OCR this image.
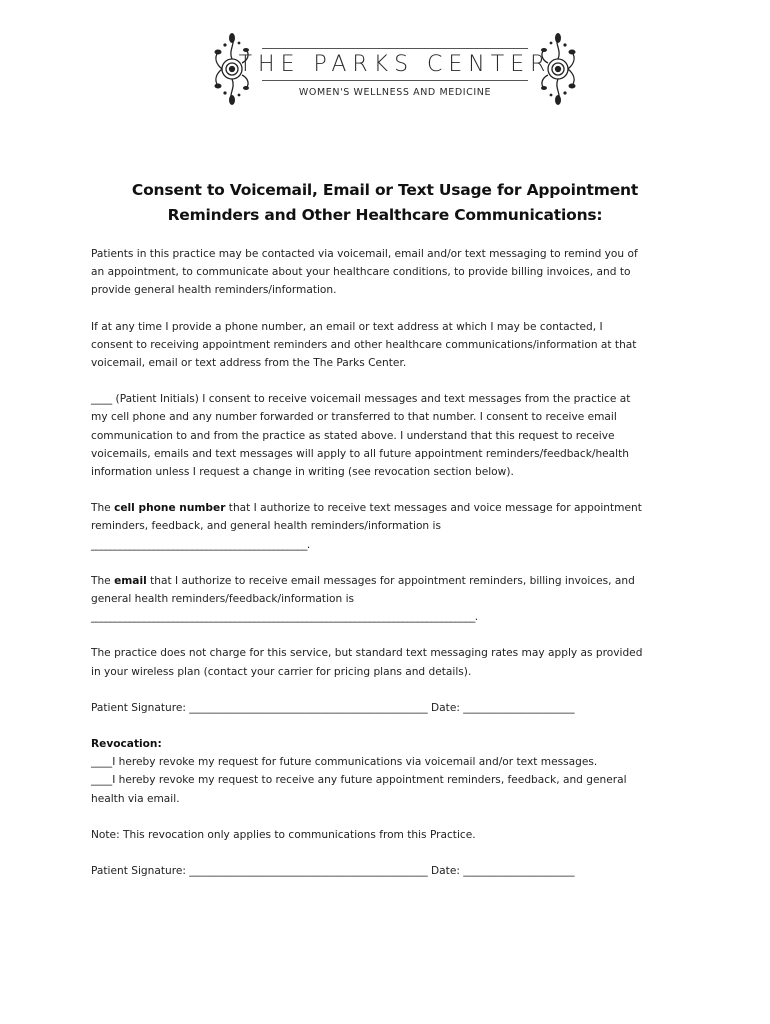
THE PARKS CENTER
WOMEN'S WELLNESS AND MEDICINE
Consent to Voicemail, Email or Text Usage for Appointment
Reminders and Other Healthcare Communications:
Patients in this practice may be contacted via voicemail, email and/or text messaging to remind you of
an appointment, to communicate about your healthcare conditions, to provide billing invoices, and to
provide general health reminders/information.
If at any time I provide a phone number, an email or text address at which I may be contacted, I
consent to receiving appointment reminders and other healthcare communications/information at that
voicemail, email or text address from the The Parks Center.
____ (Patient Initials) I consent to receive voicemail messages and text messages from the practice at
my cell phone and any number forwarded or transferred to that number. I consent to receive email
communication to and from the practice as stated above. I understand that this request to receive
voicemails, emails and text messages will apply to all future appointment reminders/feedback/health
information unless I request a change in writing (see revocation section below).
The cell phone number that I authorize to receive text messages and voice message for appointment
reminders, feedback, and general health reminders/information is
_____________________________________________.
The email that I authorize to receive email messages for appointment reminders, billing invoices, and
general health reminders/feedback/information is
________________________________________________________________________________.
The practice does not charge for this service, but standard text messaging rates may apply as provided
in your wireless plan (contact your carrier for pricing plans and details).
Patient Signature: _____________________________________________ Date: _____________________
Revocation:
____I hereby revoke my request for future communications via voicemail and/or text messages.
____I hereby revoke my request to receive any future appointment reminders, feedback, and general
health via email.
Note: This revocation only applies to communications from this Practice.
Patient Signature: _____________________________________________ Date: _____________________
